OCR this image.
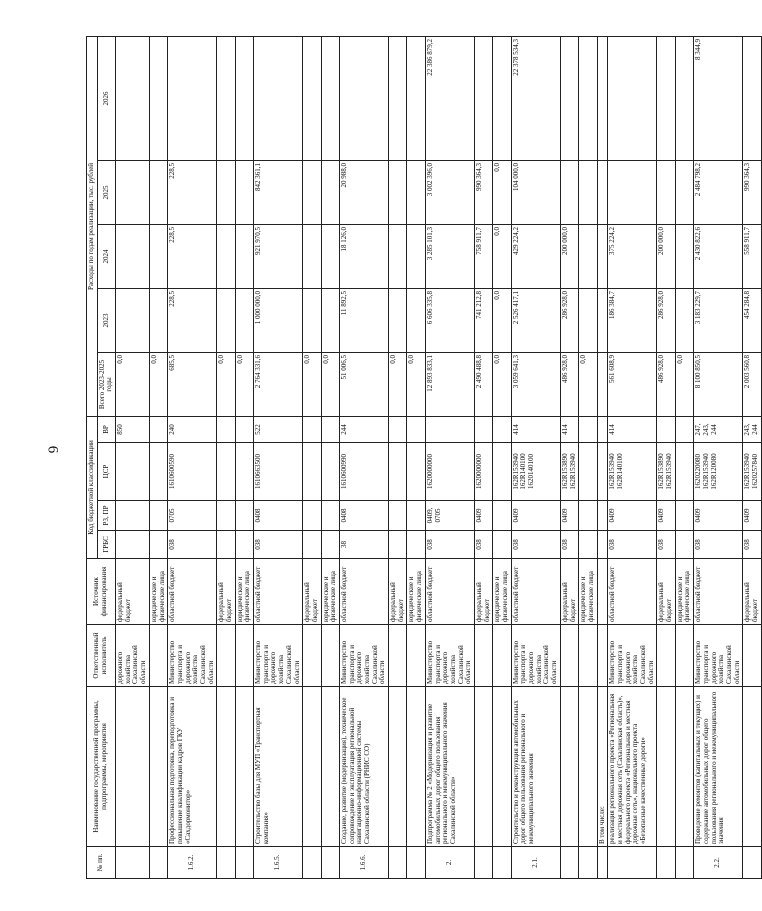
6
№ пп.	Наименование государственной программы, подпрограммы, мероприятия	Ответственный исполнитель	Источник финансирования	Код бюджетной классификации				Расходы по годам реализации, тыс. рублей				
				ГРБС	РЗ, ПР	ЦСР	ВР	Всего 2023-2025 годы	2023	2024	2025	2026
		дорожного хозяйства Сахалинской области	федеральный бюджет				850	0,0				
			юридические и физические лица					0,0				
1.6.2.	Профессиональная подготовка, переподготовка и повышение квалификации кадров ГКУ «Сахдормонитор»	Министерство транспорта и дорожного хозяйства Сахалинской области	областной бюджет	038	0705	1610600590	240	685,5	228,5	228,5	228,5	
			федеральный бюджет					0,0				
			юридические и физические лица					0,0				
1.6.5.	Строительство базы для МУП «Транспортная компания»	Министерство транспорта и дорожного хозяйства Сахалинской области	областной бюджет	038	0408	1610663500	522	2 764 331,6	1 000 000,0	921 970,5	842 361,1	
			федеральный бюджет					0,0				
			юридические и физические лица					0,0				
1.6.6.	Создание, развитие (модернизация), техническое сопровождение и эксплуатация региональной навигационно-информационной системы Сахалинской области (РНИС СО)	Министерство транспорта и дорожного хозяйства Сахалинской области	областной бюджет	38	0408	1610600990	244	51 006,5	11 892,5	18 126,0	20 988,0	
			федеральный бюджет					0,0				
			юридические и физические лица					0,0				
2.	Подпрограмма № 2 «Модернизация и развитие автомобильных дорог общего пользования регионального и межмуниципального значения Сахалинской области»	Министерство транспорта и дорожного хозяйства Сахалинской области	областной бюджет	038	0409, 0705	1620000000		12 893 833,1	6 606 335,8	3 285 101,3	3 002 396,0	22 386 879,2
			федеральный бюджет	038	0409	1620000000		2 490 488,8	741 212,8	758 911,7	990 364,3	
			юридические и физические лица					0,0	0,0	0,0	0,0	
2.1.	Строительство и реконструкция автомобильных дорог общего пользования регионального и межмуниципального значения	Министерство транспорта и дорожного хозяйства Сахалинской области	областной бюджет	038	0409	162R153940 162R140100 1620140100	414	3 059 641,3	2 526 417,1	429 224,2	104 000,0	22 378 534,3
			федеральный бюджет	038	0409	162R153890 162R153940	414	486 928,0	286 928,0	200 000,0		
			юридические и физические лица					0,0				
	В том числе:											
	реализация регионального проекта «Региональная и местная дорожная сеть (Сахалинская область)», федерального проекта «Региональная и местная дорожная сеть», национального проекта «Безопасные качественные дороги»	Министерство транспорта и дорожного хозяйства Сахалинской области	областной бюджет	038	0409	162R153940 162R140100	414	561 608,9	186 384,7	375 224,2		
			федеральный бюджет	038	0409	162R153890 162R153940		486 928,0	286 928,0	200 000,0		
			юридические и физические лица					0,0				
2.2.	Проведение ремонтов (капитальных и текущих) и содержание автомобильных дорог общего пользования регионального и межмуниципального значения	Министерство транспорта и дорожного хозяйства Сахалинской области	областной бюджет	038	0409	1620220080 162R153940 162R120080	247, 243, 244	8 100 850,5	3 183 229,7	2 430 822,6	2 484 798,2	8 344,9
			федеральный бюджет	038	0409	162R153940 1620257840	243, 244	2 003 560,8	454 284,8	558 911,7	990 364,3	
